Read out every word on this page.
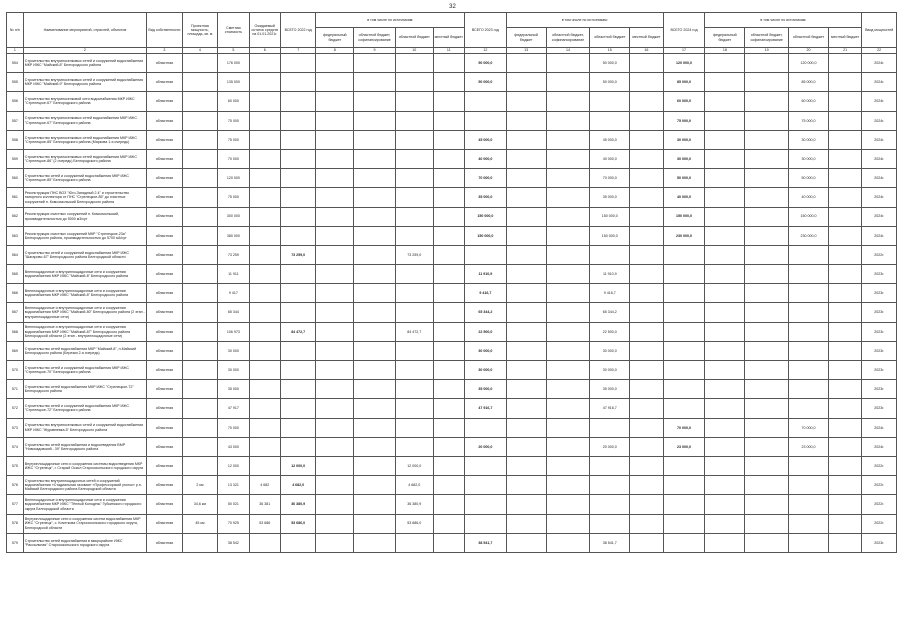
32
№ п/п	Наименование мероприятий, отраслей, объектов	Вид собственности	Проектная мощность, площадь, кв. м	Сметная стоимость	Ожидаемый остаток средств на 01.01.2021г.	ВСЕГО 2022 год	в том числе по источникам:				ВСЕГО 2023 год	в том числе по источникам:				ВСЕГО 2024 год	в том числе по источникам:				Ввод мощностей
							федеральный бюджет	областной бюджет, софинансирование	областной бюджет	местный бюджет		федеральный бюджет	областной бюджет, софинансирование	областной бюджет	местный бюджет		федеральный бюджет	областной бюджет, софинансирование	областной бюджет	местный бюджет	
1	2	3	4	5	6	7	8	9	10	11	12	13	14	15	16	17	18	19	20	21	22
554	Строительство внутрипоселковых сетей и сооружений водоснабжения МКР ИЖС "Майский-8" Белгородского района	областная		176 000							50 000,0			50 000,0		120 000,0			120 000,0		2024г.
555	Строительство внутрипоселковых сетей и сооружений водоснабжения МКР ИЖС "Майский-9" Белгородского района	областная		135 000							50 000,0			50 000,0		85 000,0			85 000,0		2024г.
556	Строительство внутрипоселковой сети водоснабжения МКР ИЖС "Стрелецкое-67" Белгородского района	областная		60 000												60 000,0			60 000,0		2024г.
557	Строительство внутрипоселковых сетей водоснабжения МКР ИЖС "Стрелецкое-67" Белгородского района	областная		75 000												75 000,0			75 000,0		2024г.
558	Строительство внутрипоселковых сетей водоснабжения МКР ИЖС "Стрелецкое-85" Белгородского района (Маркова 1-я очередь)	областная		75 000							45 000,0			45 000,0		30 000,0			30 000,0		2024г.
559	Строительство внутрипоселковых сетей водоснабжения МКР ИЖС "Стрелецкое-86" (2 очередь) Белгородского района	областная		70 000							40 000,0			40 000,0		30 000,0			30 000,0		2024г.
560	Строительство сетей и сооружений водоснабжения МКР ИЖС "Стрелецкое-85" Белгородского района	областная		120 000							70 000,0			70 000,0		50 000,0			50 000,0		2024г.
561	Реконструкция ПНС ВОЗ "Юго-Западный 2.4" и строительство напорного коллектора от ПНС "Стрелецкое-85" до очистных сооружений п. Комсомольский Белгородского района	областная		75 000							35 000,0			35 000,0		40 000,0			40 000,0		2024г.
562	Реконструкция очистных сооружений п. Комсомольский, производительностью до 5000 м3/сут	областная		300 000							150 000,0			150 000,0		150 000,0			150 000,0		2024г.
563	Реконструкция очистных сооружений МКР "Стрелецкое-23а" Белгородского района, производительностью до 5700 м3/сут	областная		380 000							150 000,0			150 000,0		230 000,0			230 000,0		2024г.
564	Строительство сетей и сооружений водоснабжения МКР ИЖС "Шагарово-67" Белгородского района Белгородской области	областная		73 259		73 259,0			73 259,0												2022г.
565	Внеплощадочные и внутриплощадочные сети и сооружения водоснабжения МКР ИЖС "Майский-8" Белгородского района	областная		11 911							11 910,9			11 910,9							2023г.
566	Внеплощадочные и внутриплощадочные сети и сооружения водоснабжения МКР ИЖС "Майский-8" Белгородского района	областная		9 417							9 416,7			9 416,7							2023г.
567	Внеплощадочные и внутриплощадочные сети и сооружения водоснабжения МКР ИЖС "Майский-80" Белгородского района (2 этап - внутриплощадочные сети)	областная		65 344							65 344,2			65 344,2							2023г.
568	Внеплощадочные и внутриплощадочные сети и сооружения водоснабжения МКР ИЖС "Майский-87" Белгородского района Белгородской области (2 этап - внутриплощадочные сети)	областная		106 973		84 472,7			84 472,7		22 500,0			22 500,0							2023г.
569	Строительство сетей водоснабжения МКР "Майский-8", п.Майский Белгородского района (Березки 2-я очередь)	областная		30 000							30 000,0			30 000,0							2023г.
570	Строительство сетей и сооружений водоснабжения МКР ИЖС "Стрелецкое-70" Белгородского района	областная		30 000							30 000,0			30 000,0							2023г.
571	Строительство сетей водоснабжения МКР ИЖС "Стрелецкое-72" Белгородского района	областная		35 000							35 000,0			35 000,0							2023г.
572	Строительство сетей и сооружений водоснабжения МКР ИЖС "Стрелецкое-72" Белгородского района	областная		47 917							47 916,7			47 916,7							2023г.
573	Строительство внутрипоселковых сетей и сооружений водоснабжения МКР ИЖС "Журавлевка-5" Белгородского района	областная		70 000												70 000,0			70 000,0		2024г.
574	Строительство сетей водоснабжения и водоотведения ВМР "Новосадовский - 39" Белгородского района	областная		43 000							20 000,0			20 000,0		23 000,0			23 000,0		2024г.
575	Внутриплощадочные сети и сооружения системы водоотведения МКР ИЖС "Стрелецк", г. Старый Оскол Старооскольского городского округа	областная		12 000		12 000,0			12 000,0												2022г.
576	Строительство внутриплощадочных сетей и сооружений водоснабжения «Стадиальная газовая» «Профессорский уголок» р.п. Майский Белгородского района Белгородской области	областная	2 км	13 321	4 682	4 682,0			4 682,0												2022г.
577	Внеплощадочные и внутриплощадочные сети и сооружения водоснабжения МКР ИЖС "Тёплый Колодезь" Губкинского городского округа Белгородской области	областная	34,6 км	50 021	36 381	36 380,9			36 380,9												2022г.
578	Внутриплощадочные сети и сооружения систем водоснабжения МКР ИЖС "Стрелецк", с. Кочеткова Старооскольского городского округа, Белгородской области	областная	45 км	70 925	53 686	53 686,0			53 686,0												2022г.
579	Строительство сетей водоснабжения в микрорайоне ИЖС "Рассыльная" Старооскольского городского округа	областная		38 542							38 541,7			38 541,7							2023г.
